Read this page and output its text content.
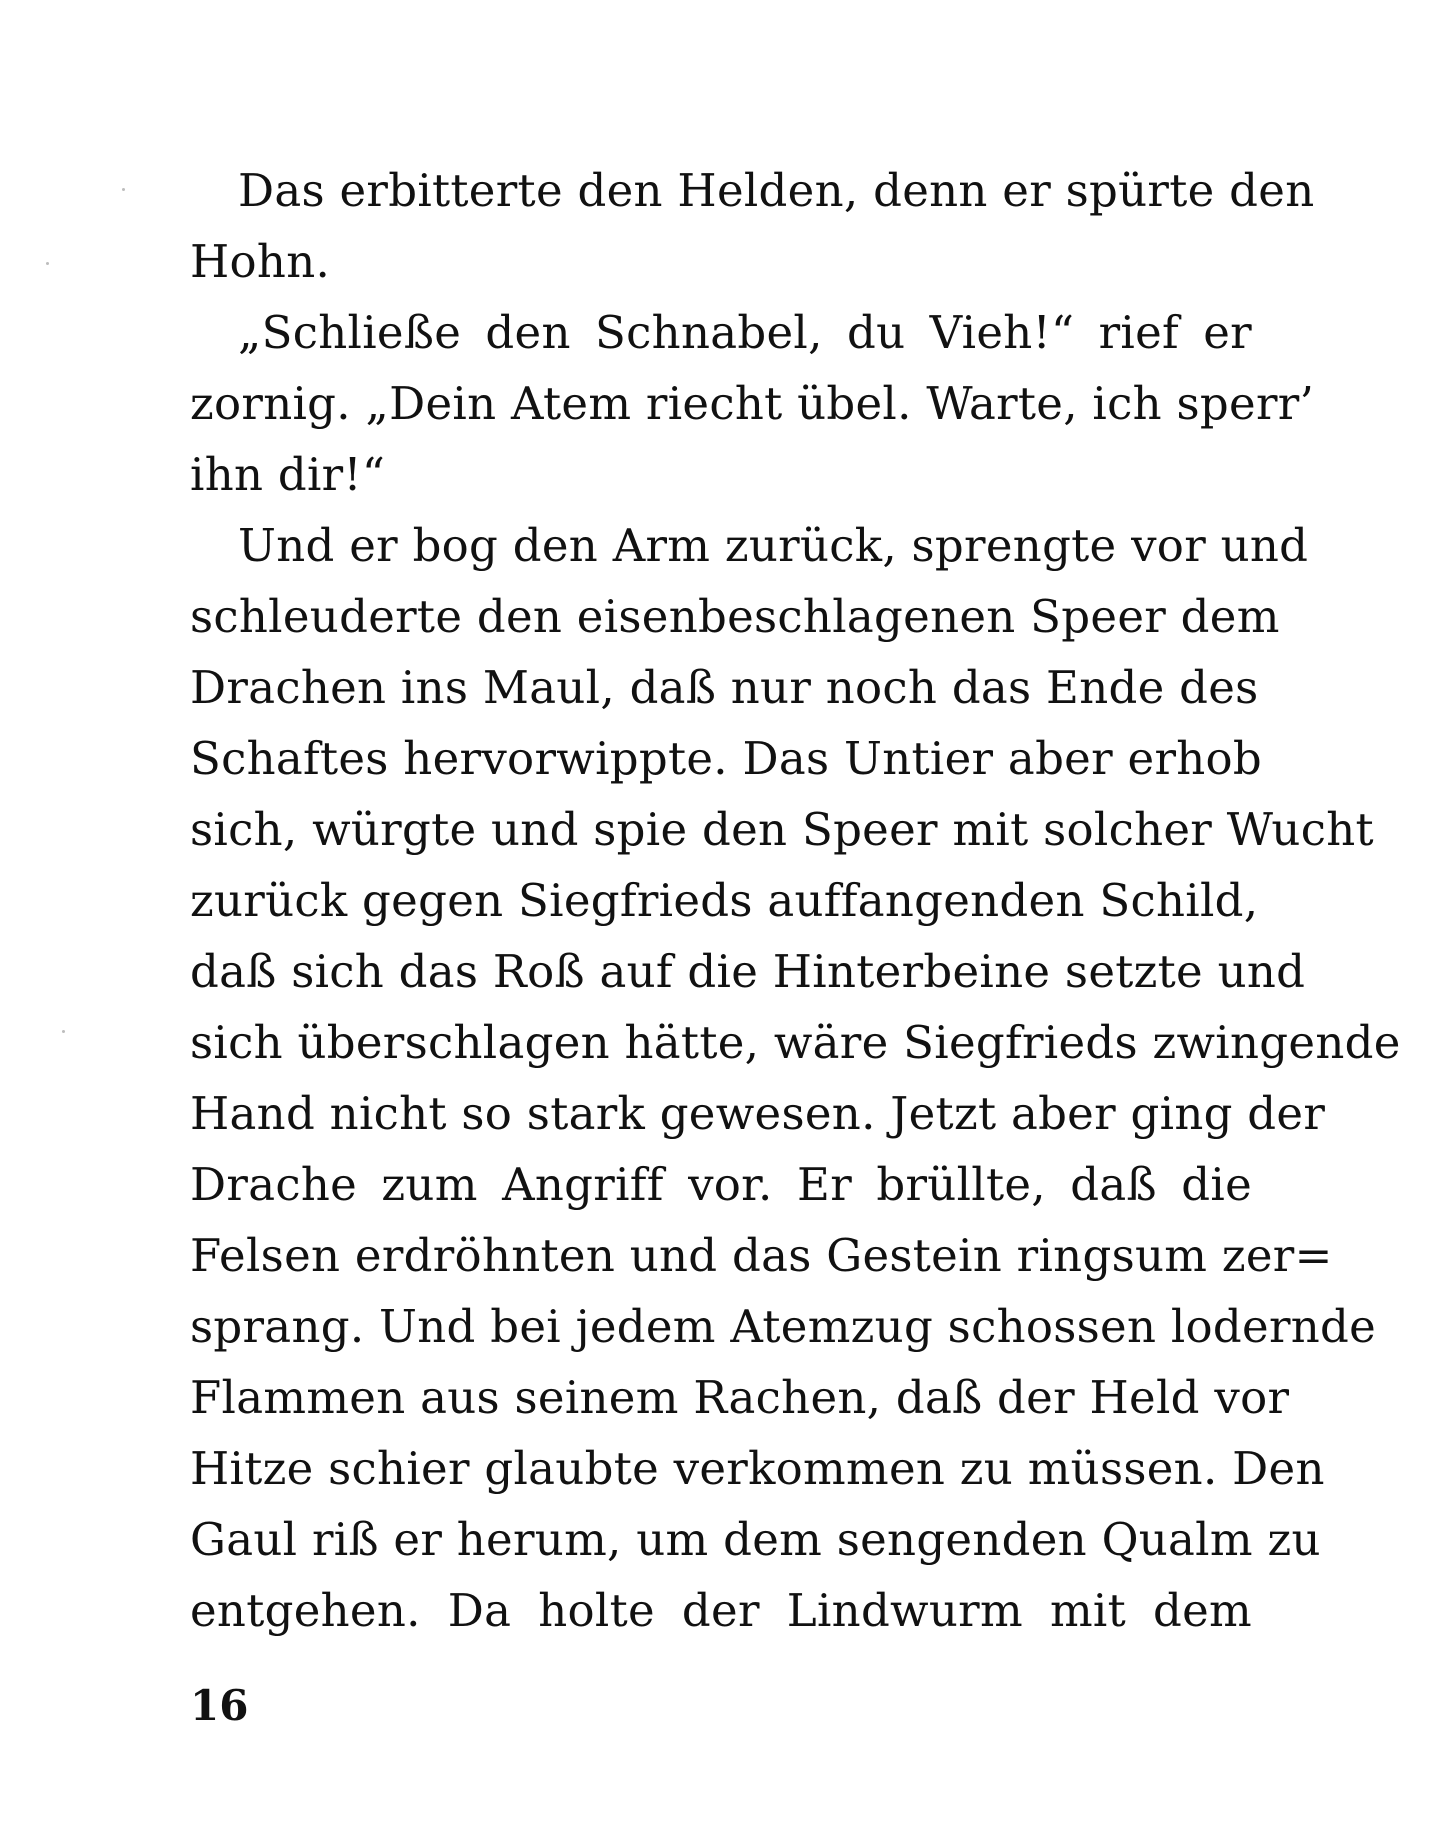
Das erbitterte den Helden, denn er spürte den
Hohn.
„Schließe den Schnabel, du Vieh!“ rief er
zornig. „Dein Atem riecht übel. Warte, ich sperr’
ihn dir!“
Und er bog den Arm zurück, sprengte vor und
schleuderte den eisenbeschlagenen Speer dem
Drachen ins Maul, daß nur noch das Ende des
Schaftes hervorwippte. Das Untier aber erhob
sich, würgte und spie den Speer mit solcher Wucht
zurück gegen Siegfrieds auffangenden Schild,
daß sich das Roß auf die Hinterbeine setzte und
sich überschlagen hätte, wäre Siegfrieds zwingende
Hand nicht so stark gewesen. Jetzt aber ging der
Drache zum Angriff vor. Er brüllte, daß die
Felsen erdröhnten und das Gestein ringsum zer=
sprang. Und bei jedem Atemzug schossen lodernde
Flammen aus seinem Rachen, daß der Held vor
Hitze schier glaubte verkommen zu müssen. Den
Gaul riß er herum, um dem sengenden Qualm zu
entgehen. Da holte der Lindwurm mit dem
16
